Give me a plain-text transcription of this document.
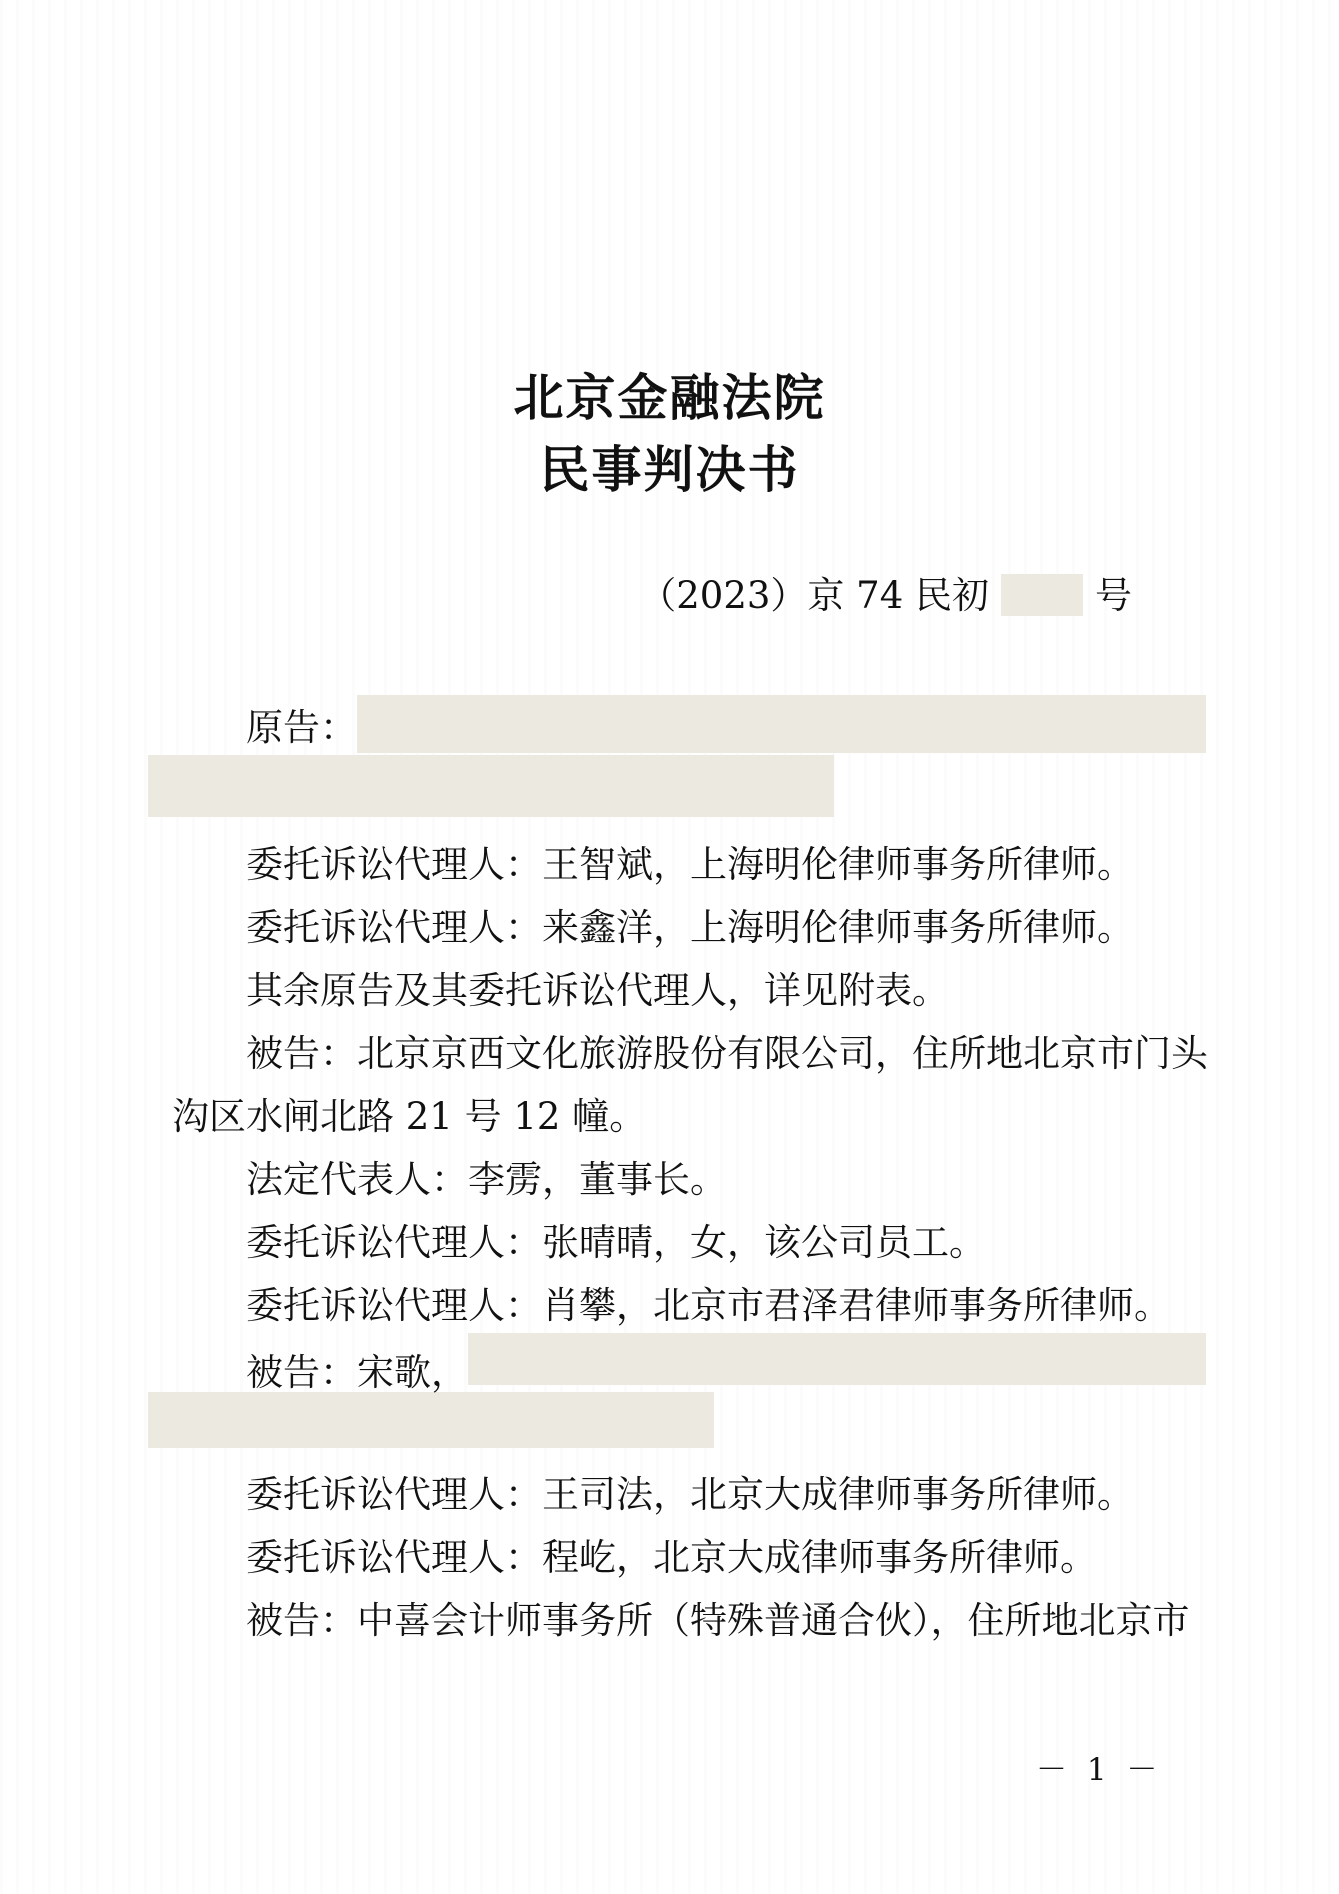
北京金融法院
民事判决书
（2023）京 74 民初	号
原告：
委托诉讼代理人：王智斌，上海明伦律师事务所律师。
委托诉讼代理人：来鑫洋，上海明伦律师事务所律师。
其余原告及其委托诉讼代理人，详见附表。
被告：北京京西文化旅游股份有限公司，住所地北京市门头
沟区水闸北路 21 号 12 幢。
法定代表人：李雳，董事长。
委托诉讼代理人：张晴晴，女，该公司员工。
委托诉讼代理人：肖攀，北京市君泽君律师事务所律师。
被告：宋歌，
委托诉讼代理人：王司法，北京大成律师事务所律师。
委托诉讼代理人：程屹，北京大成律师事务所律师。
被告：中喜会计师事务所（特殊普通合伙），住所地北京市
－ 1 －
